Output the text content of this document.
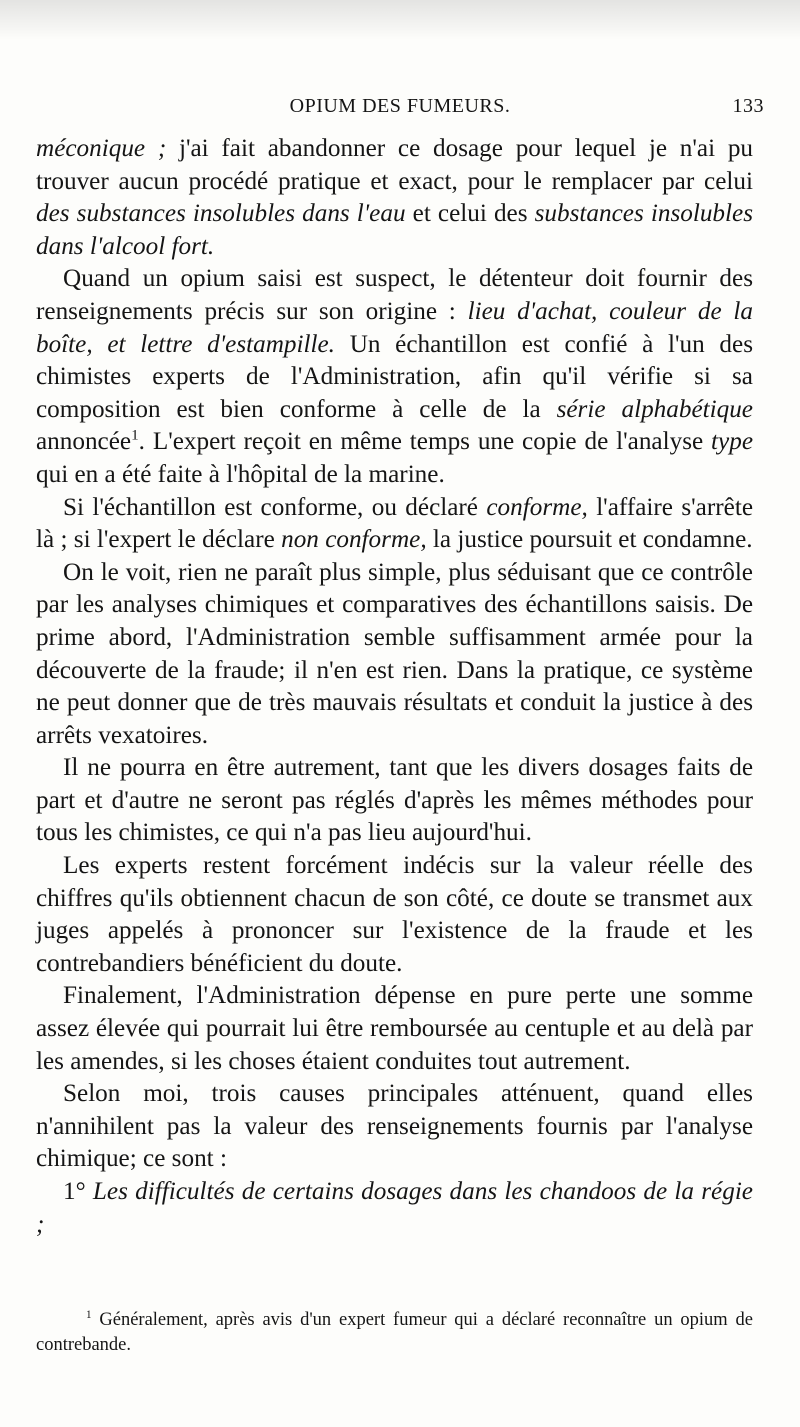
OPIUM DES FUMEURS.	133

méconique ; j'ai fait abandonner ce dosage pour lequel je n'ai pu trouver aucun procédé pratique et exact, pour le remplacer par celui des substances insolubles dans l'eau et celui des substances insolubles dans l'alcool fort.

Quand un opium saisi est suspect, le détenteur doit fournir des renseignements précis sur son origine : lieu d'achat, couleur de la boîte, et lettre d'estampille. Un échantillon est confié à l'un des chimistes experts de l'Administration, afin qu'il vérifie si sa composition est bien conforme à celle de la série alphabétique annoncée$^1$. L'expert reçoit en même temps une copie de l'analyse type qui en a été faite à l'hôpital de la marine.

Si l'échantillon est conforme, ou déclaré conforme, l'affaire s'arrête là ; si l'expert le déclare non conforme, la justice poursuit et condamne.

On le voit, rien ne paraît plus simple, plus séduisant que ce contrôle par les analyses chimiques et comparatives des échantillons saisis. De prime abord, l'Administration semble suffisamment armée pour la découverte de la fraude; il n'en est rien. Dans la pratique, ce système ne peut donner que de très mauvais résultats et conduit la justice à des arrêts vexatoires.

Il ne pourra en être autrement, tant que les divers dosages faits de part et d'autre ne seront pas réglés d'après les mêmes méthodes pour tous les chimistes, ce qui n'a pas lieu aujourd'hui.

Les experts restent forcément indécis sur la valeur réelle des chiffres qu'ils obtiennent chacun de son côté, ce doute se transmet aux juges appelés à prononcer sur l'existence de la fraude et les contrebandiers bénéficient du doute.

Finalement, l'Administration dépense en pure perte une somme assez élevée qui pourrait lui être remboursée au centuple et au delà par les amendes, si les choses étaient conduites tout autrement.

Selon moi, trois causes principales atténuent, quand elles n'annihilent pas la valeur des renseignements fournis par l'analyse chimique; ce sont :

1° Les difficultés de certains dosages dans les chandoos de la régie ;

$^1$ Généralement, après avis d'un expert fumeur qui a déclaré reconnaître un opium de contrebande.
